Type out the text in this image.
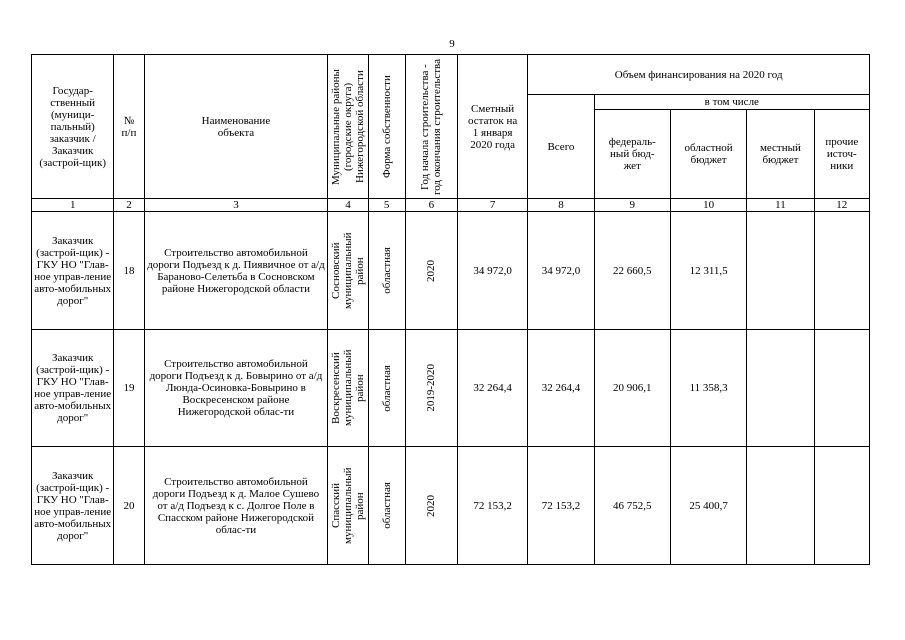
9
Государ-ственный (муници-пальный) заказчик / Заказчик (застрой-щик)	№ п/п	Наименование объекта	Муниципальные районы (городские округа) Нижегородской области	Форма собственности	Год начала строительства - год окончания строительства	Сметный остаток на 1 января 2020 года	Объем финансирования на 2020 год				
							Всего	в том числе			
								федераль-ный бюд-жет	областной бюджет	местный бюджет	прочие источ-ники
1	2	3	4	5	6	7	8	9	10	11	12
Заказчик (застрой-щик) - ГКУ НО "Глав-ное управ-ление авто-мобильных дорог"	18	Строительство автомобильной дороги Подъезд к д. Пиявичное от а/д Бараново-Селетьба в Сосновском районе Нижегородской области	Сосновский муниципальный район	областная	2020	34 972,0	34 972,0	22 660,5	12 311,5		
Заказчик (застрой-щик) - ГКУ НО "Глав-ное управ-ление авто-мобильных дорог"	19	Строительство автомобильной дороги Подъезд к д. Бовырино от а/д Люнда-Осиновка-Бовырино в Воскресенском районе Нижегородской облас-ти	Воскресенский муниципальный район	областная	2019-2020	32 264,4	32 264,4	20 906,1	11 358,3		
Заказчик (застрой-щик) - ГКУ НО "Глав-ное управ-ление авто-мобильных дорог"	20	Строительство автомобильной дороги Подъезд к д. Малое Сушево от а/д Подъезд к с. Долгое Поле в Спасском районе Нижегородской облас-ти	Спасский муниципальный район	областная	2020	72 153,2	72 153,2	46 752,5	25 400,7		
